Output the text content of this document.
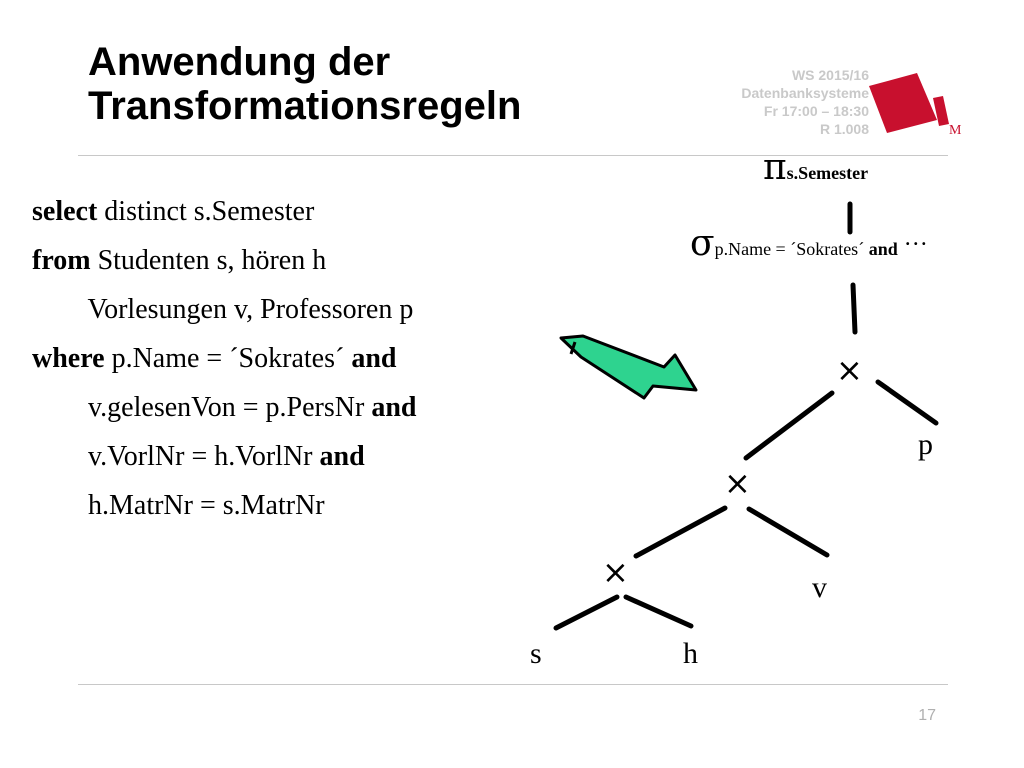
Anwendung der
Transformationsregeln
WS 2015/16
Datenbanksysteme
Fr 17:00 – 18:30
R 1.008	M
select distinct s.Semester
from Studenten s, hören h
Vorlesungen v, Professoren p
where p.Name = ´Sokrates´ and
v.gelesenVon = p.PersNr and
v.VorlNr = h.VorlNr and
h.MatrNr = s.MatrNr
πs.Semester
σp.Name = ´Sokrates´ and …
×
×
×
p
v
s	h
17
